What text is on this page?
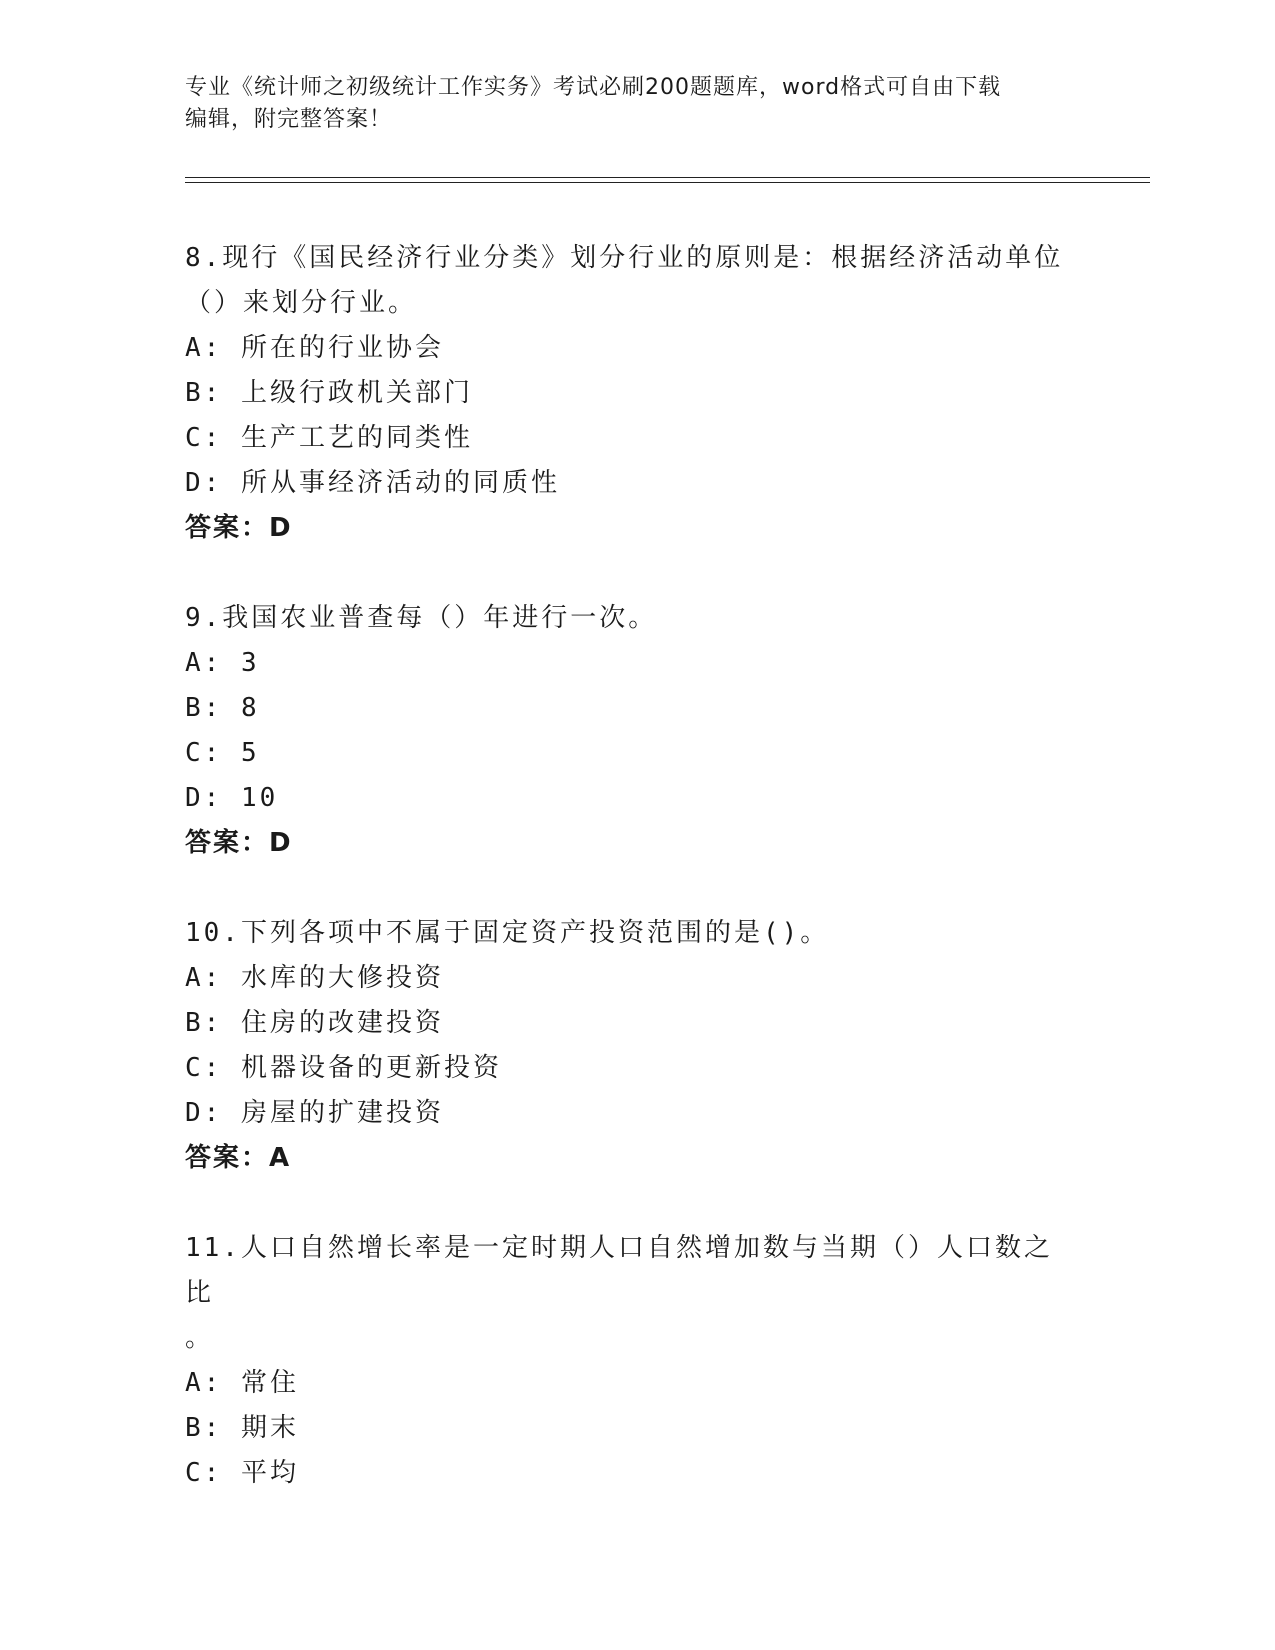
专业《统计师之初级统计工作实务》考试必刷200题题库，word格式可自由下载
编辑，附完整答案！
8.现行《国民经济行业分类》划分行业的原则是：根据经济活动单位
（）来划分行业。
A: 所在的行业协会
B: 上级行政机关部门
C: 生产工艺的同类性
D: 所从事经济活动的同质性
答案：D
9.我国农业普查每（）年进行一次。
A: 3
B: 8
C: 5
D: 10
答案：D
10.下列各项中不属于固定资产投资范围的是()。
A: 水库的大修投资
B: 住房的改建投资
C: 机器设备的更新投资
D: 房屋的扩建投资
答案：A
11.人口自然增长率是一定时期人口自然增加数与当期（）人口数之比
。
A: 常住
B: 期末
C: 平均
